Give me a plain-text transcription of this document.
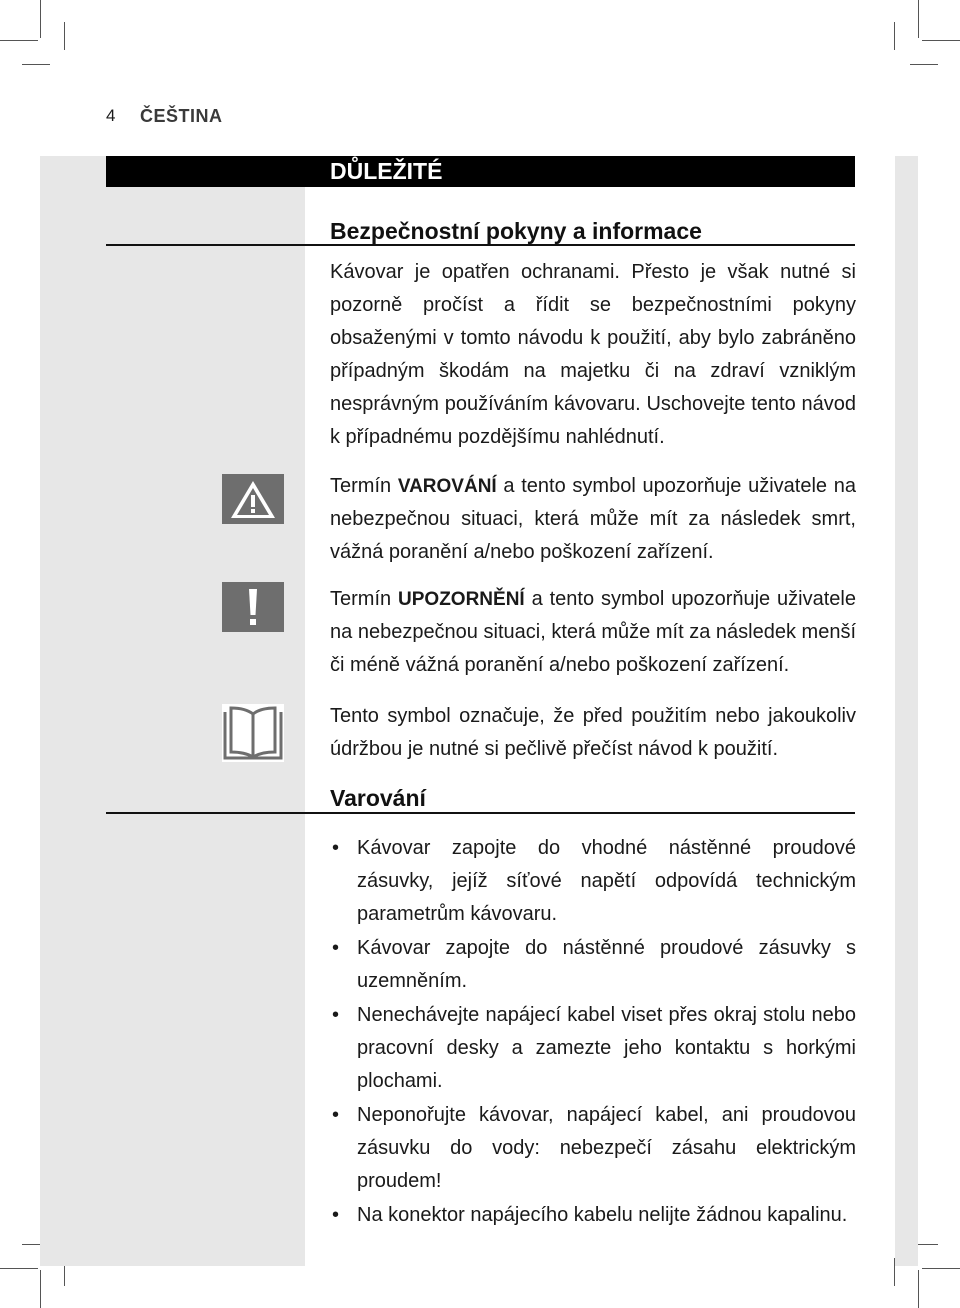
4 ČEŠTINA
DŮLEŽITÉ
Bezpečnostní pokyny a informace

Kávovar je opatřen ochranami. Přesto je však nutné si pozorně pročíst a řídit se bezpečnostními pokyny obsaženými v tomto návodu k použití, aby bylo zabráněno případným škodám na majetku či na zdraví vzniklým nesprávným používáním kávovaru. Uschovejte tento návod k případnému pozdějšímu nahlédnutí.

Termín VAROVÁNÍ a tento symbol upozorňuje uživatele na nebezpečnou situaci, která může mít za následek smrt, vážná poranění a/nebo poškození zařízení.

Termín UPOZORNĚNÍ a tento symbol upozorňuje uživatele na nebezpečnou situaci, která může mít za následek menší či méně vážná poranění a/nebo poškození zařízení.

Tento symbol označuje, že před použitím nebo jakoukoliv údržbou je nutné si pečlivě přečíst návod k použití.

Varování
• Kávovar zapojte do vhodné nástěnné proudové zásuvky, jejíž síťové napětí odpovídá technickým parametrům kávovaru.
• Kávovar zapojte do nástěnné proudové zásuvky s uzemněním.
• Nenechávejte napájecí kabel viset přes okraj stolu nebo pracovní desky a zamezte jeho kontaktu s horkými plochami.
• Neponořujte kávovar, napájecí kabel, ani proudovou zásuvku do vody: nebezpečí zásahu elektrickým proudem!
• Na konektor napájecího kabelu nelijte žádnou kapalinu.
